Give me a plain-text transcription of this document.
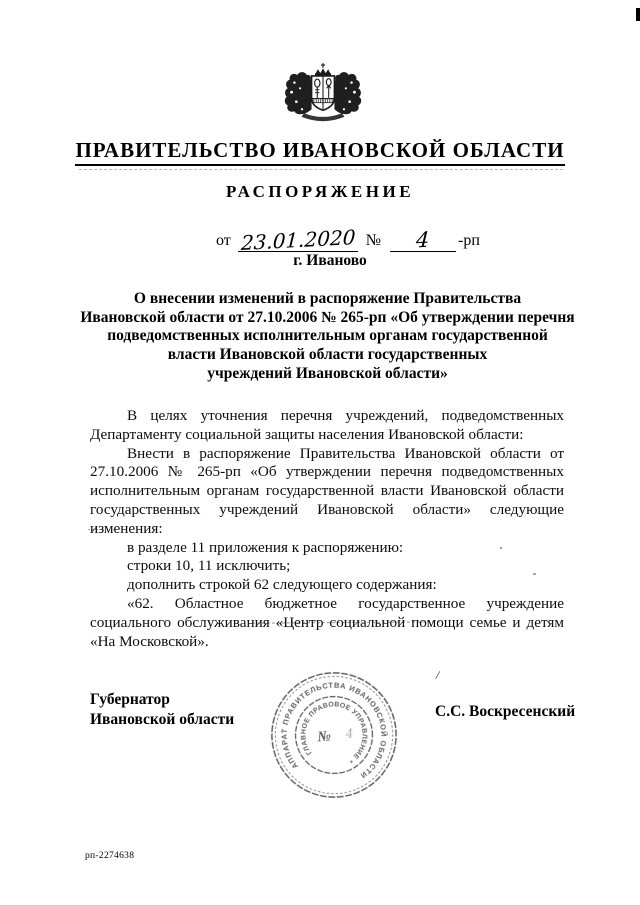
ПРАВИТЕЛЬСТВО ИВАНОВСКОЙ ОБЛАСТИ
РАСПОРЯЖЕНИЕ
от 23.01.2020 №	4	-рп
г. Иваново
О внесении изменений в распоряжение Правительства
Ивановской области от 27.10.2006 № 265-рп «Об утверждении перечня
подведомственных исполнительным органам государственной
власти Ивановской области государственных
учреждений Ивановской области»

В целях уточнения перечня учреждений, подведомственных Департаменту социальной защиты населения Ивановской области:

Внести в распоряжение Правительства Ивановской области от 27.10.2006 № 265-рп «Об утверждении перечня подведомственных исполнительным органам государственной власти Ивановской области государственных учреждений Ивановской области» следующие изменения:

в разделе 11 приложения к распоряжению:

строки 10, 11 исключить;

дополнить строкой 62 следующего содержания:

«62. Областное бюджетное государственное учреждение социального обслуживания «Центр социальной помощи семье и детям «На Московской».

Губернатор
Ивановской области
/
С.С. Воскресенский
АППАРАТ ПРАВИТЕЛЬСТВА ИВАНОВСКОЙ ОБЛАСТИ
ГЛАВНОЕ ПРАВОВОЕ УПРАВЛЕНИЕ *
№ 4
рп-2274638
